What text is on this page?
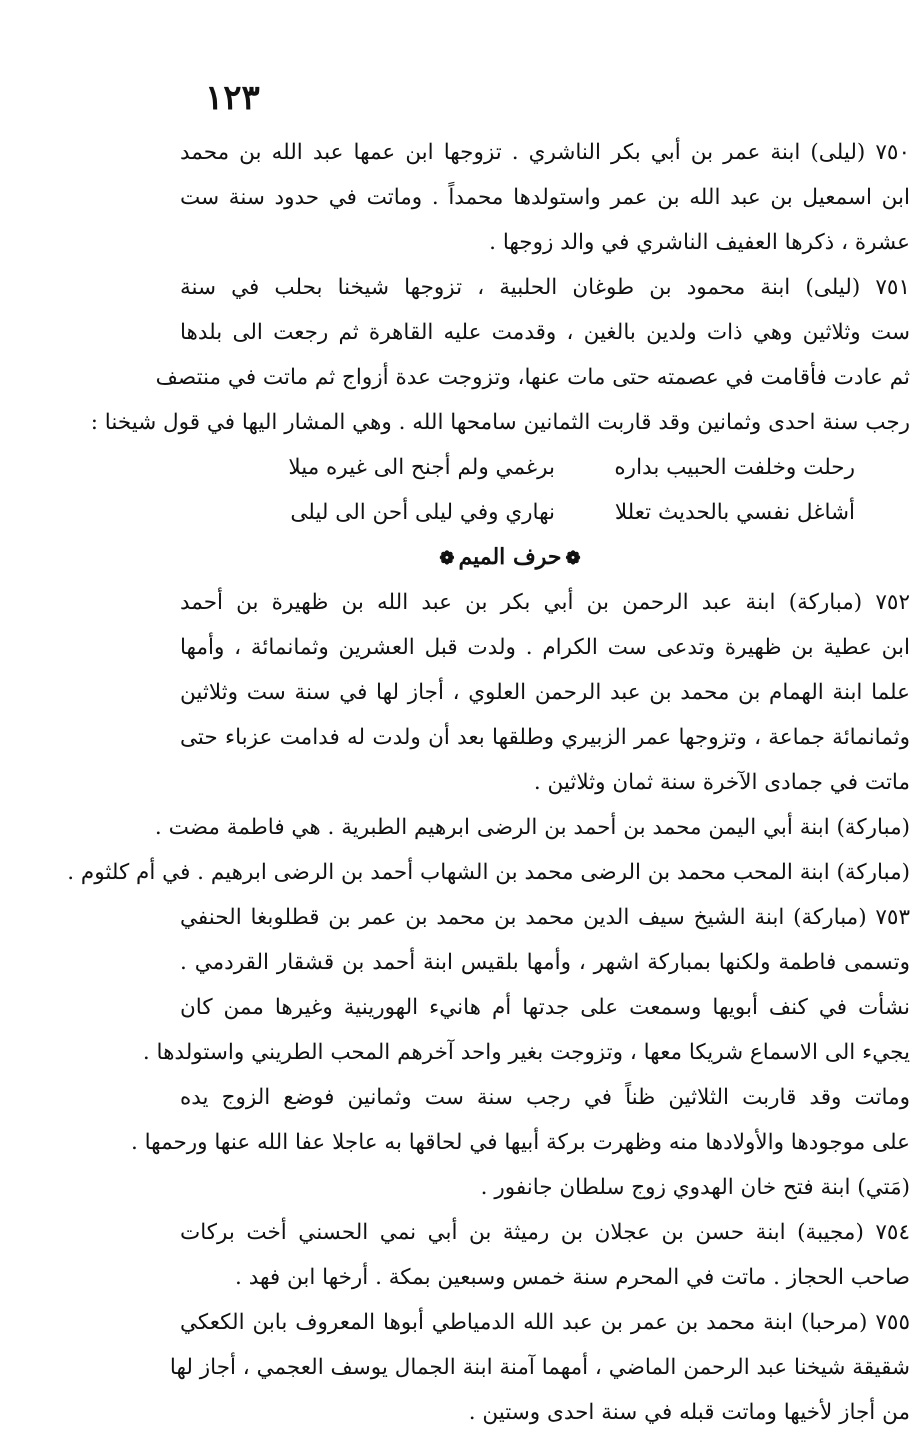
١٢٣
٧٥٠ (ليلى) ابنة عمر بن أبي بكر الناشري . تزوجها ابن عمها عبد الله بن محمد
ابن اسمعيل بن عبد الله بن عمر واستولدها محمداً . وماتت في حدود سنة ست
عشرة ، ذكرها العفيف الناشري في والد زوجها .
٧٥١ (ليلى) ابنة محمود بن طوغان الحلبية ، تزوجها شيخنا بحلب في سنة
ست وثلاثين وهي ذات ولدين بالغين ، وقدمت عليه القاهرة ثم رجعت الى بلدها
ثم عادت فأقامت في عصمته حتى مات عنها، وتزوجت عدة أزواج ثم ماتت في منتصف
رجب سنة احدى وثمانين وقد قاربت الثمانين سامحها الله . وهي المشار اليها في قول شيخنا :
رحلت وخلفت الحبيب بداره
برغمي ولم أجنح الى غيره ميلا
أشاغل نفسي بالحديث تعللا
نهاري وفي ليلى أحن الى ليلى
❁حرف الميم❁
٧٥٢ (مباركة) ابنة عبد الرحمن بن أبي بكر بن عبد الله بن ظهيرة بن أحمد
ابن عطية بن ظهيرة وتدعى ست الكرام . ولدت قبل العشرين وثمانمائة ، وأمها
علما ابنة الهمام بن محمد بن عبد الرحمن العلوي ، أجاز لها في سنة ست وثلاثين
وثمانمائة جماعة ، وتزوجها عمر الزبيري وطلقها بعد أن ولدت له فدامت عزباء حتى
ماتت في جمادى الآخرة سنة ثمان وثلاثين .
(مباركة) ابنة أبي اليمن محمد بن أحمد بن الرضى ابرهيم الطبرية . هي فاطمة مضت .
(مباركة) ابنة المحب محمد بن الرضى محمد بن الشهاب أحمد بن الرضى ابرهيم . في أم كلثوم .
٧٥٣ (مباركة) ابنة الشيخ سيف الدين محمد بن محمد بن عمر بن قطلوبغا الحنفي
وتسمى فاطمة ولكنها بمباركة اشهر ، وأمها بلقيس ابنة أحمد بن قشقار القردمي .
نشأت في كنف أبويها وسمعت على جدتها أم هانيء الهورينية وغيرها ممن كان
يجيء الى الاسماع شريكا معها ، وتزوجت بغير واحد آخرهم المحب الطريني واستولدها .
وماتت وقد قاربت الثلاثين ظناً في رجب سنة ست وثمانين فوضع الزوج يده
على موجودها والأولادها منه وظهرت بركة أبيها في لحاقها به عاجلا عفا الله عنها ورحمها .
(مَتي) ابنة فتح خان الهدوي زوج سلطان جانفور .
٧٥٤ (مجيبة) ابنة حسن بن عجلان بن رميثة بن أبي نمي الحسني أخت بركات
صاحب الحجاز . ماتت في المحرم سنة خمس وسبعين بمكة . أرخها ابن فهد .
٧٥٥ (مرحبا) ابنة محمد بن عمر بن عبد الله الدمياطي أبوها المعروف بابن الكعكي
شقيقة شيخنا عبد الرحمن الماضي ، أمهما آمنة ابنة الجمال يوسف العجمي ، أجاز لها
من أجاز لأخيها وماتت قبله في سنة احدى وستين .
